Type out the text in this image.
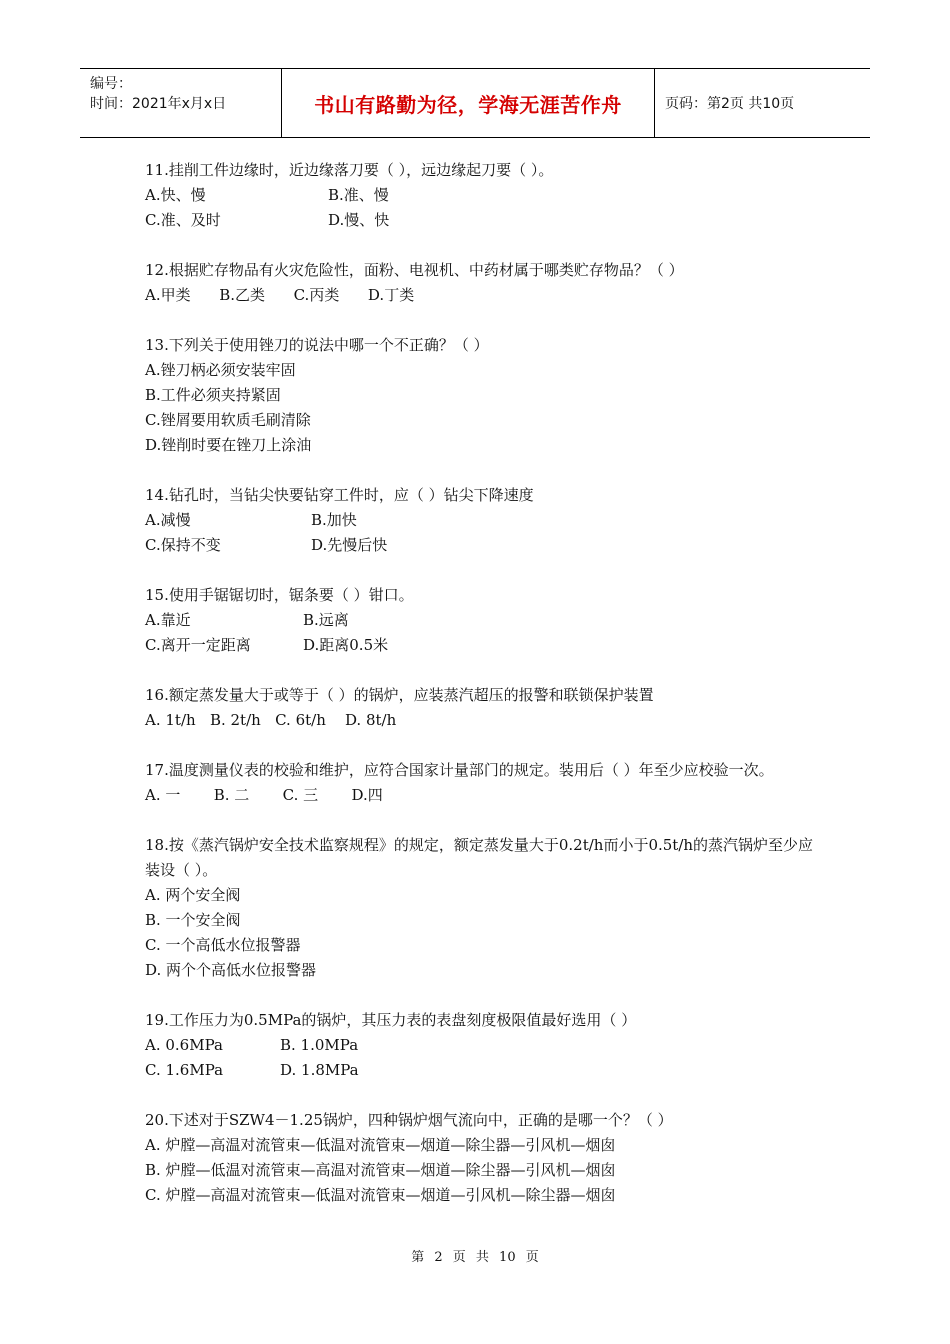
编号：
时间：2021年x月x日	书山有路勤为径，学海无涯苦作舟	页码：第2页 共10页
11.挂削工件边缘时，近边缘落刀要（ ），远边缘起刀要（ ）。
A.快、慢	B.准、慢
C.准、及时	D.慢、快
12.根据贮存物品有火灾危险性，面粉、电视机、中药材属于哪类贮存物品？（ ）
A.甲类      B.乙类      C.丙类      D.丁类
13.下列关于使用锉刀的说法中哪一个不正确？（ ）
A.锉刀柄必须安装牢固
B.工件必须夹持紧固
C.锉屑要用软质毛刷清除
D.锉削时要在锉刀上涂油
14.钻孔时，当钻尖快要钻穿工件时，应（ ）钻尖下降速度
A.减慢	B.加快
C.保持不变	D.先慢后快
15.使用手锯锯切时，锯条要（ ）钳口。
A.靠近	B.远离
C.离开一定距离	D.距离0.5米
16.额定蒸发量大于或等于（ ）的锅炉，应装蒸汽超压的报警和联锁保护装置
A. 1t/h   B. 2t/h   C. 6t/h    D. 8t/h
17.温度测量仪表的校验和维护，应符合国家计量部门的规定。装用后（ ）年至少应校验一次。
A. 一       B. 二       C. 三       D.四
18.按《蒸汽锅炉安全技术监察规程》的规定，额定蒸发量大于0.2t/h而小于0.5t/h的蒸汽锅炉至少应装设（ ）。
A. 两个安全阀
B. 一个安全阀
C. 一个高低水位报警器
D. 两个个高低水位报警器
19.工作压力为0.5MPa的锅炉，其压力表的表盘刻度极限值最好选用（ ）
A. 0.6MPa	B. 1.0MPa
C. 1.6MPa	D. 1.8MPa
20.下述对于SZW4－1.25锅炉，四种锅炉烟气流向中，正确的是哪一个？（ ）
A. 炉膛—高温对流管束—低温对流管束—烟道—除尘器—引风机—烟囱
B. 炉膛—低温对流管束—高温对流管束—烟道—除尘器—引风机—烟囱
C. 炉膛—高温对流管束—低温对流管束—烟道—引风机—除尘器—烟囱
第 2 页 共 10 页
